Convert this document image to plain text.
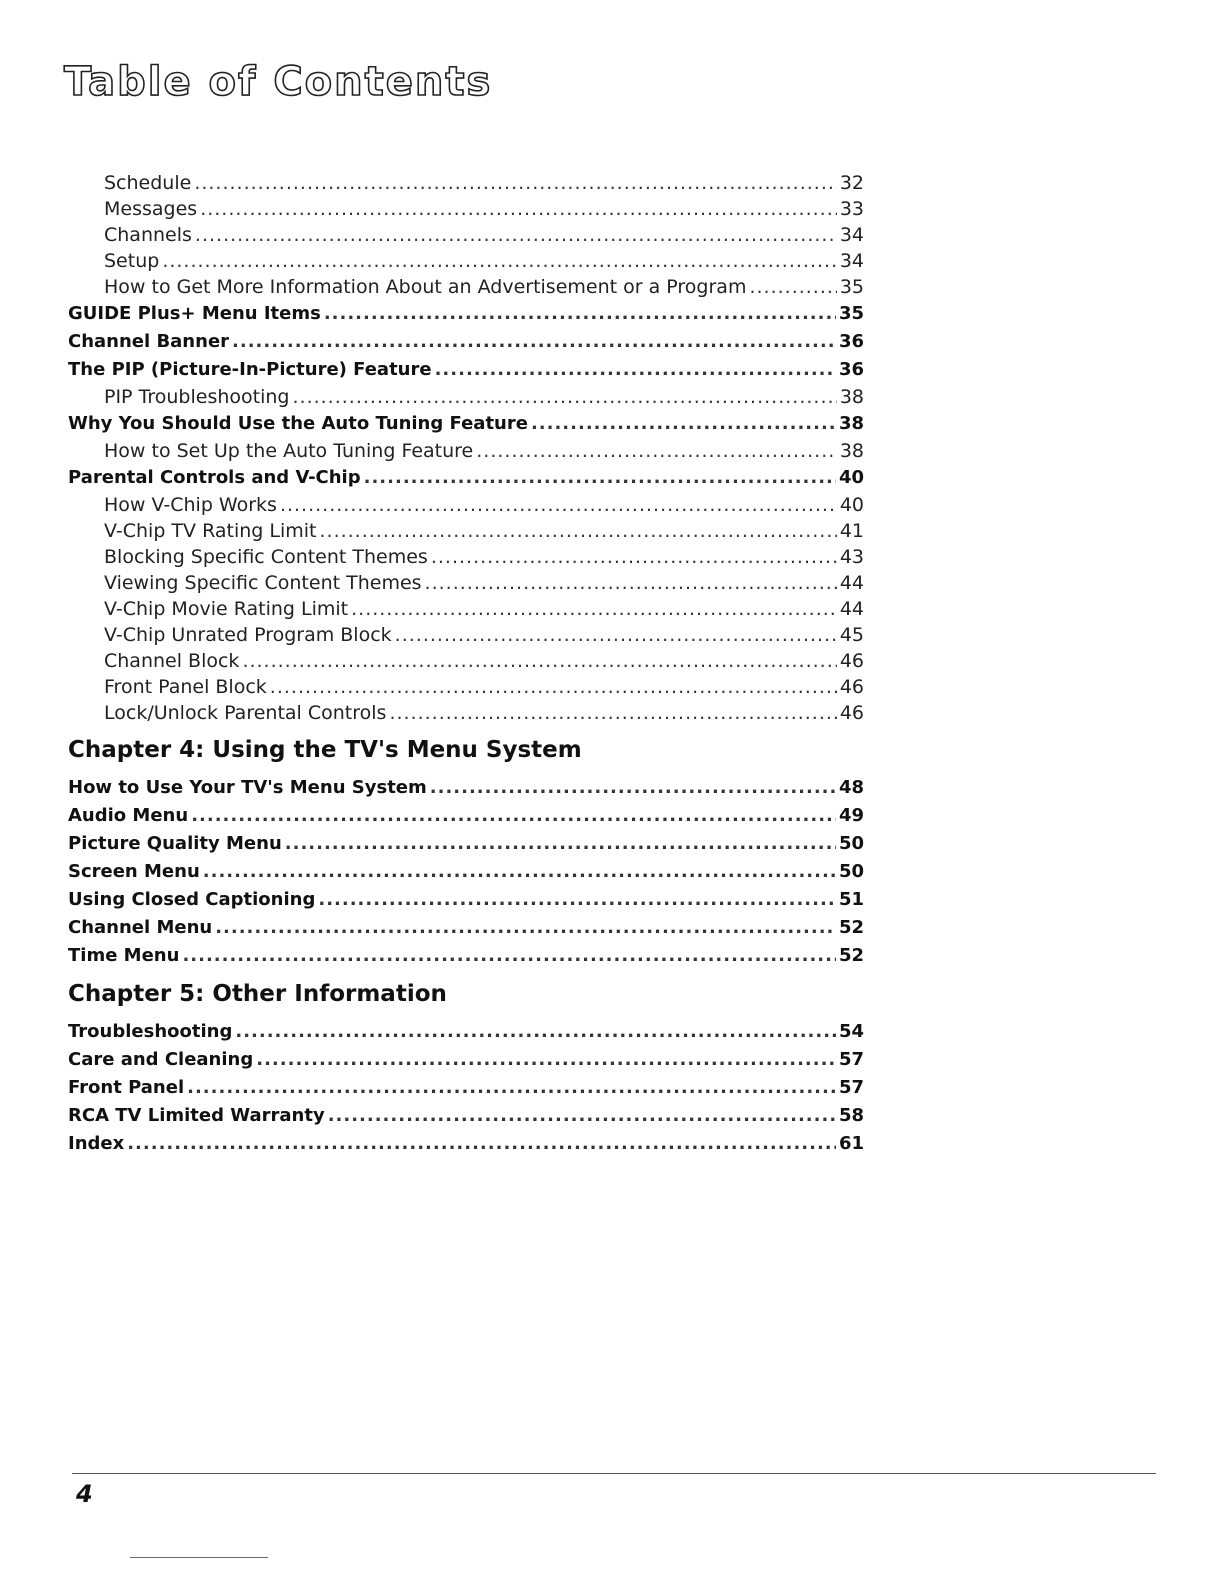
Table of Contents
Schedule .....	32
Messages .....	33
Channels .....	34
Setup .....	34
How to Get More Information About an Advertisement or a Program .....	35
GUIDE Plus+ Menu Items .....	35
Channel Banner .....	36
The PIP (Picture-In-Picture) Feature .....	36
PIP Troubleshooting .....	38
Why You Should Use the Auto Tuning Feature .....	38
How to Set Up the Auto Tuning Feature .....	38
Parental Controls and V-Chip .....	40
How V-Chip Works .....	40
V-Chip TV Rating Limit .....	41
Blocking Specific Content Themes .....	43
Viewing Specific Content Themes .....	44
V-Chip Movie Rating Limit .....	44
V-Chip Unrated Program Block .....	45
Channel Block .....	46
Front Panel Block .....	46
Lock/Unlock Parental Controls .....	46
Chapter 4: Using the TV's Menu System
How to Use Your TV's Menu System .....	48
Audio Menu .....	49
Picture Quality Menu .....	50
Screen Menu .....	50
Using Closed Captioning .....	51
Channel Menu .....	52
Time Menu .....	52
Chapter 5: Other Information
Troubleshooting .....	54
Care and Cleaning .....	57
Front Panel .....	57
RCA TV Limited Warranty .....	58
Index .....	61
4
